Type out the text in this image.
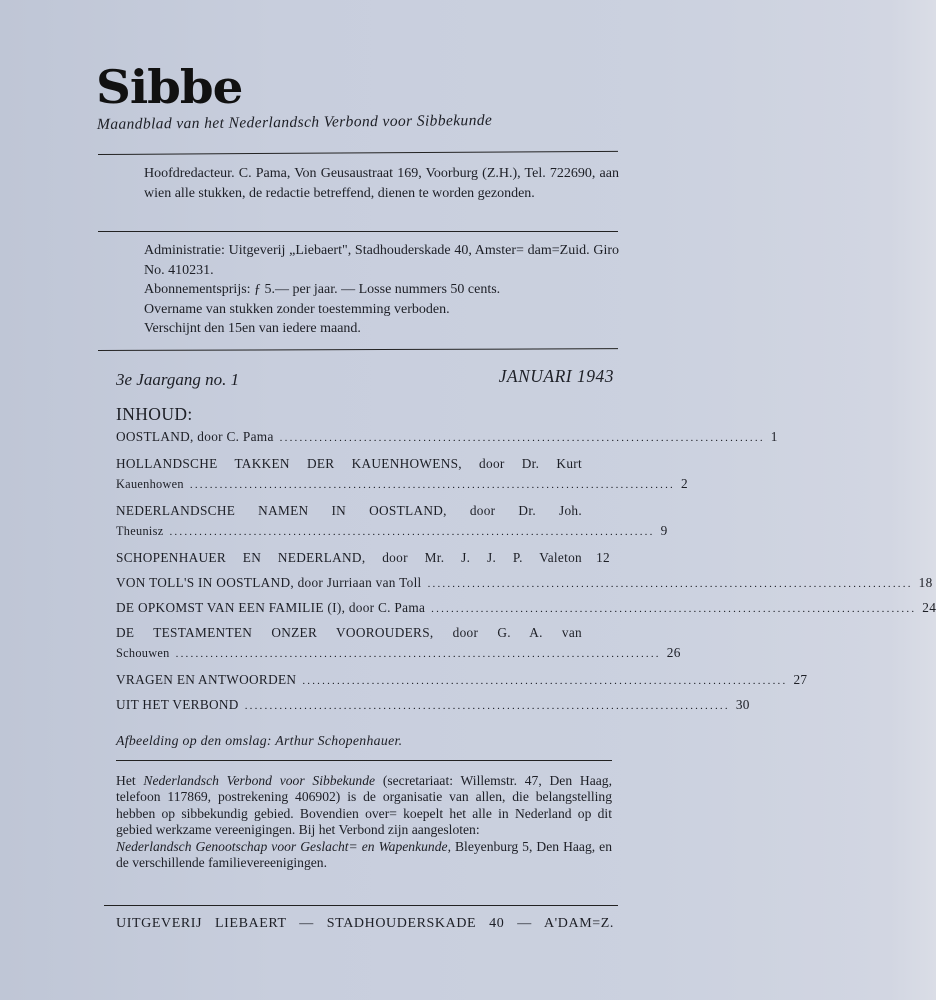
Sibbe
Maandblad van het Nederlandsch Verbond voor Sibbekunde
Hoofdredacteur. C. Pama, Von Geusaustraat 169, Voorburg (Z.H.), Tel. 722690, aan wien alle stukken, de redactie betreffend, dienen te worden gezonden.
Administratie: Uitgeverij „Liebaert", Stadhouderskade 40, Amster= dam=Zuid. Giro No. 410231.
Abonnementsprijs: ƒ 5.— per jaar. — Losse nummers 50 cents.
Overname van stukken zonder toestemming verboden.
Verschijnt den 15en van iedere maand.
3e Jaargang no. 1	JANUARI 1943
INHOUD:
OOSTLAND, door C. Pama .................................................................................................. 1
HOLLANDSCHE TAKKEN DER KAUENHOWENS, door Dr. Kurt
Kauenhowen .................................................................................................. 2
NEDERLANDSCHE NAMEN IN OOSTLAND, door Dr. Joh.
Theunisz .................................................................................................. 9
SCHOPENHAUER EN NEDERLAND, door Mr. J. J. P. Valeton	12
VON TOLL'S IN OOSTLAND, door Jurriaan van Toll .................................................................................................. 18
DE OPKOMST VAN EEN FAMILIE (I), door C. Pama .................................................................................................. 24
DE TESTAMENTEN ONZER VOOROUDERS, door G. A. van
Schouwen .................................................................................................. 26
VRAGEN EN ANTWOORDEN .................................................................................................. 27
UIT HET VERBOND .................................................................................................. 30
Afbeelding op den omslag: Arthur Schopenhauer.
Het Nederlandsch Verbond voor Sibbekunde (secretariaat: Willemstr. 47, Den Haag, telefoon 117869, postrekening 406902) is de organisatie van allen, die belangstelling hebben op sibbekundig gebied. Bovendien over= koepelt het alle in Nederland op dit gebied werkzame vereenigingen. Bij het Verbond zijn aangesloten:
Nederlandsch Genootschap voor Geslacht= en Wapenkunde, Bleyenburg 5, Den Haag, en de verschillende familievereenigingen.
UITGEVERIJ LIEBAERT — STADHOUDERSKADE 40 — A'DAM=Z.
